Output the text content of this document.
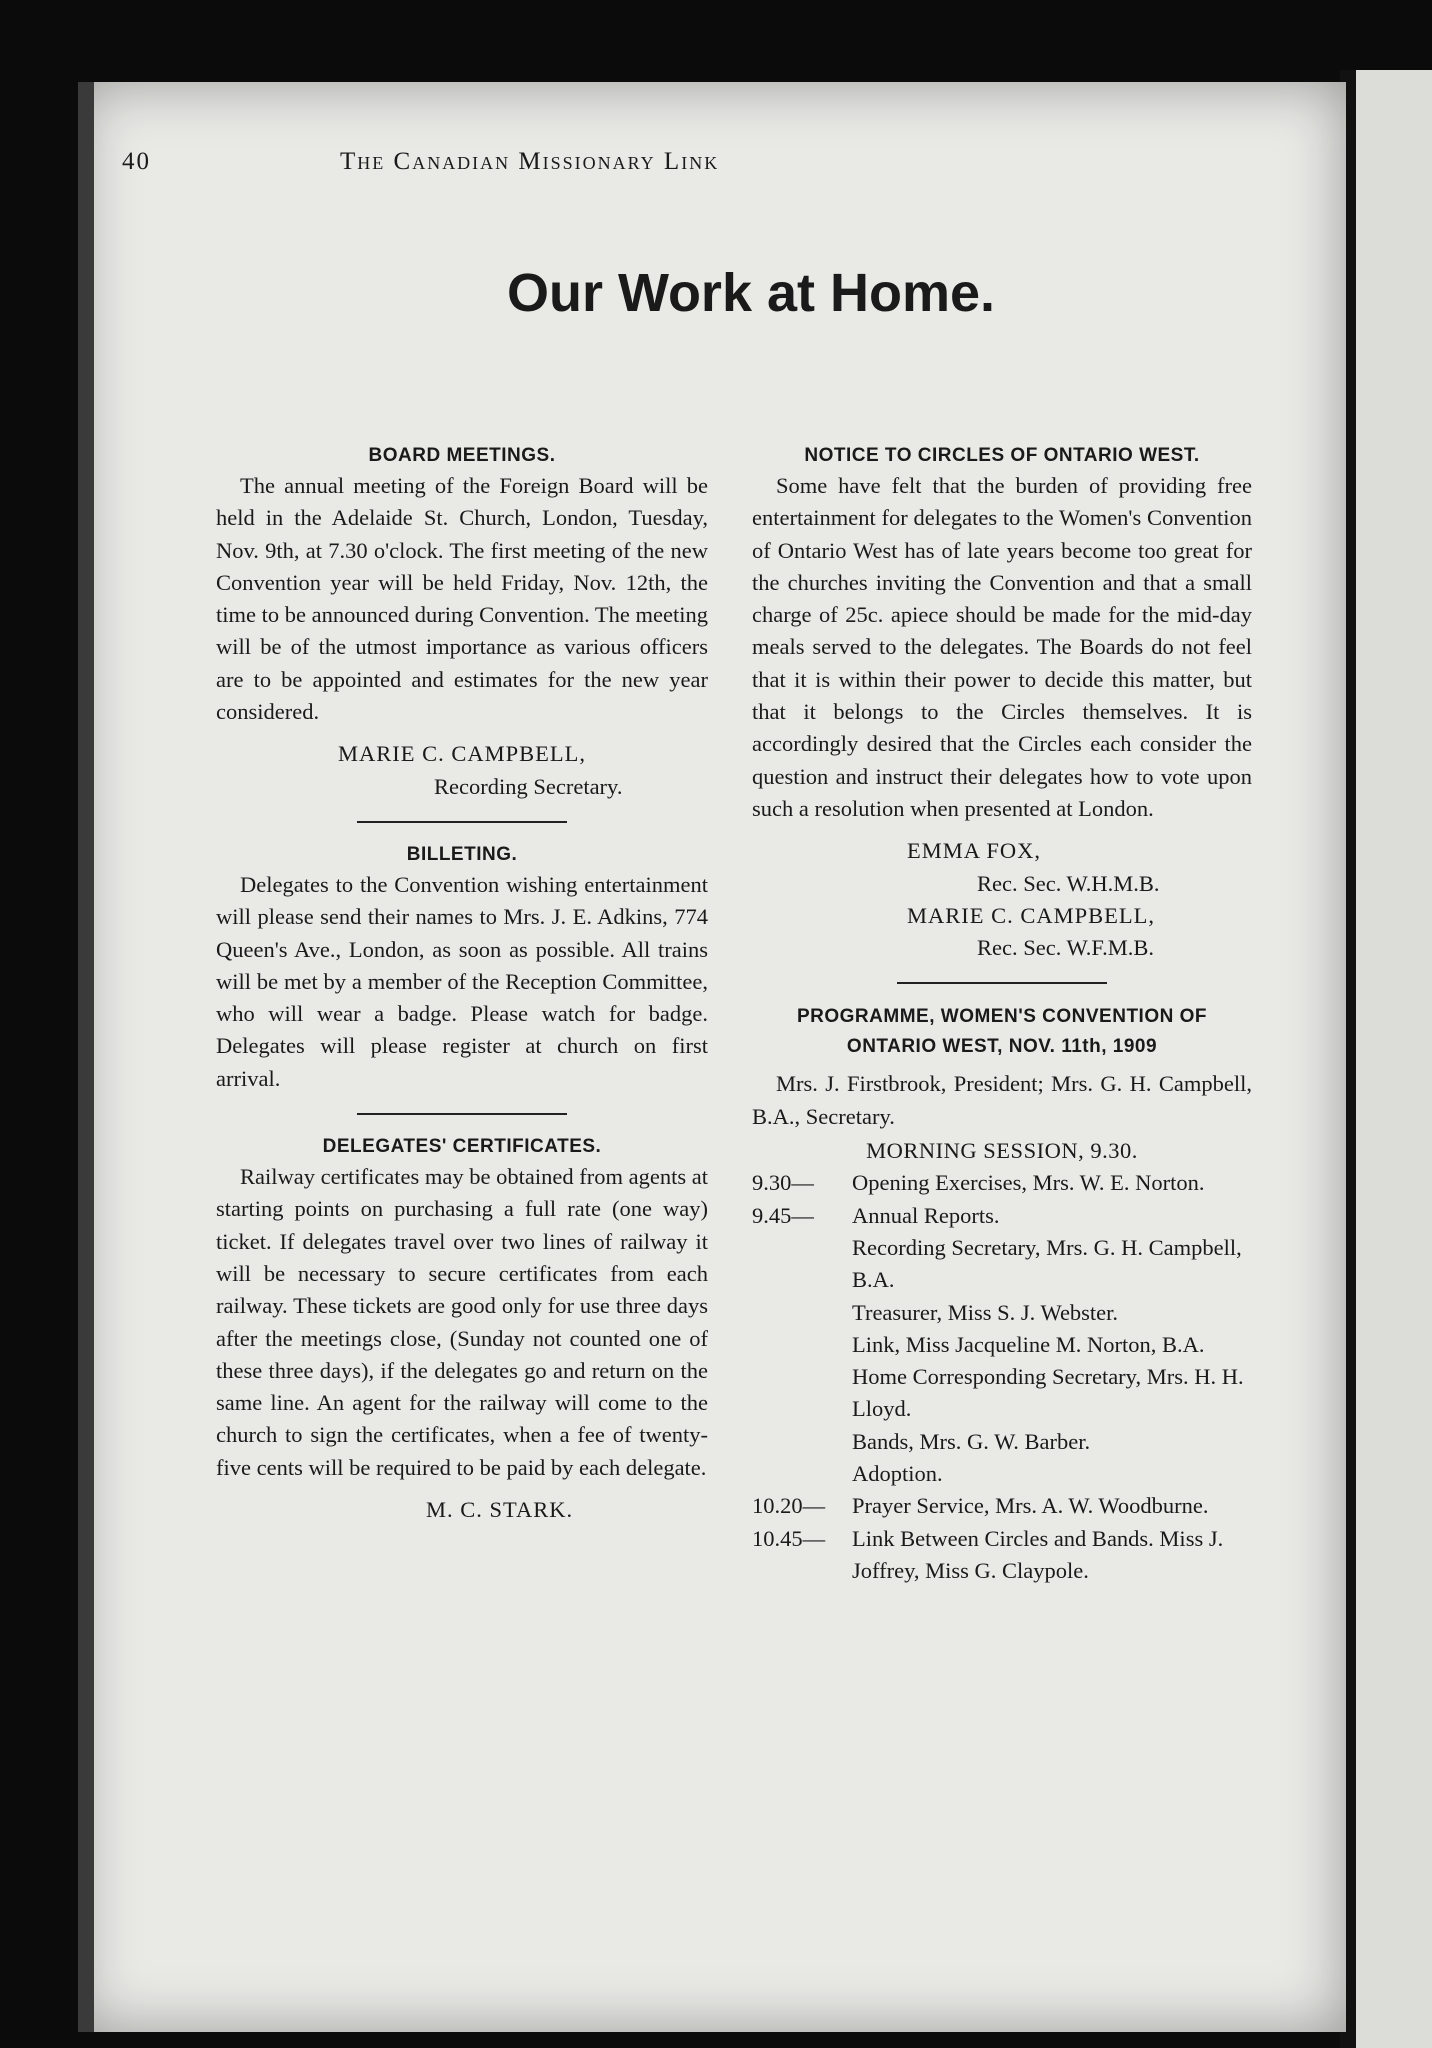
40	The Canadian Missionary Link
Our Work at Home.
BOARD MEETINGS.

The annual meeting of the Foreign Board will be held in the Adelaide St. Church, London, Tuesday, Nov. 9th, at 7.30 o'clock. The first meeting of the new Convention year will be held Friday, Nov. 12th, the time to be announced during Convention. The meeting will be of the utmost importance as various officers are to be appointed and estimates for the new year considered.

MARIE C. CAMPBELL,
Recording Secretary.
BILLETING.

Delegates to the Convention wishing entertainment will please send their names to Mrs. J. E. Adkins, 774 Queen's Ave., London, as soon as possible. All trains will be met by a member of the Reception Committee, who will wear a badge. Please watch for badge. Delegates will please register at church on first arrival.

DELEGATES' CERTIFICATES.

Railway certificates may be obtained from agents at starting points on purchasing a full rate (one way) ticket. If delegates travel over two lines of railway it will be necessary to secure certificates from each railway. These tickets are good only for use three days after the meetings close, (Sunday not counted one of these three days), if the delegates go and return on the same line. An agent for the railway will come to the church to sign the certificates, when a fee of twenty-five cents will be required to be paid by each delegate.

M. C. STARK.
NOTICE TO CIRCLES OF ONTARIO WEST.

Some have felt that the burden of providing free entertainment for delegates to the Women's Convention of Ontario West has of late years become too great for the churches inviting the Convention and that a small charge of 25c. apiece should be made for the mid-day meals served to the delegates. The Boards do not feel that it is within their power to decide this matter, but that it belongs to the Circles themselves. It is accordingly desired that the Circles each consider the question and instruct their delegates how to vote upon such a resolution when presented at London.

EMMA FOX,
Rec. Sec. W.H.M.B.
MARIE C. CAMPBELL,
Rec. Sec. W.F.M.B.
PROGRAMME, WOMEN'S CONVENTION OF ONTARIO WEST, NOV. 11th, 1909

Mrs. J. Firstbrook, President; Mrs. G. H. Campbell, B.A., Secretary.

MORNING SESSION, 9.30.
9.30— Opening Exercises, Mrs. W. E. Norton.
9.45— Annual Reports.
Recording Secretary, Mrs. G. H. Campbell, B.A.
Treasurer, Miss S. J. Webster.
Link, Miss Jacqueline M. Norton, B.A.
Home Corresponding Secretary, Mrs. H. H. Lloyd.
Bands, Mrs. G. W. Barber.
Adoption.
10.20— Prayer Service, Mrs. A. W. Woodburne.
10.45— Link Between Circles and Bands. Miss J. Joffrey, Miss G. Claypole.
